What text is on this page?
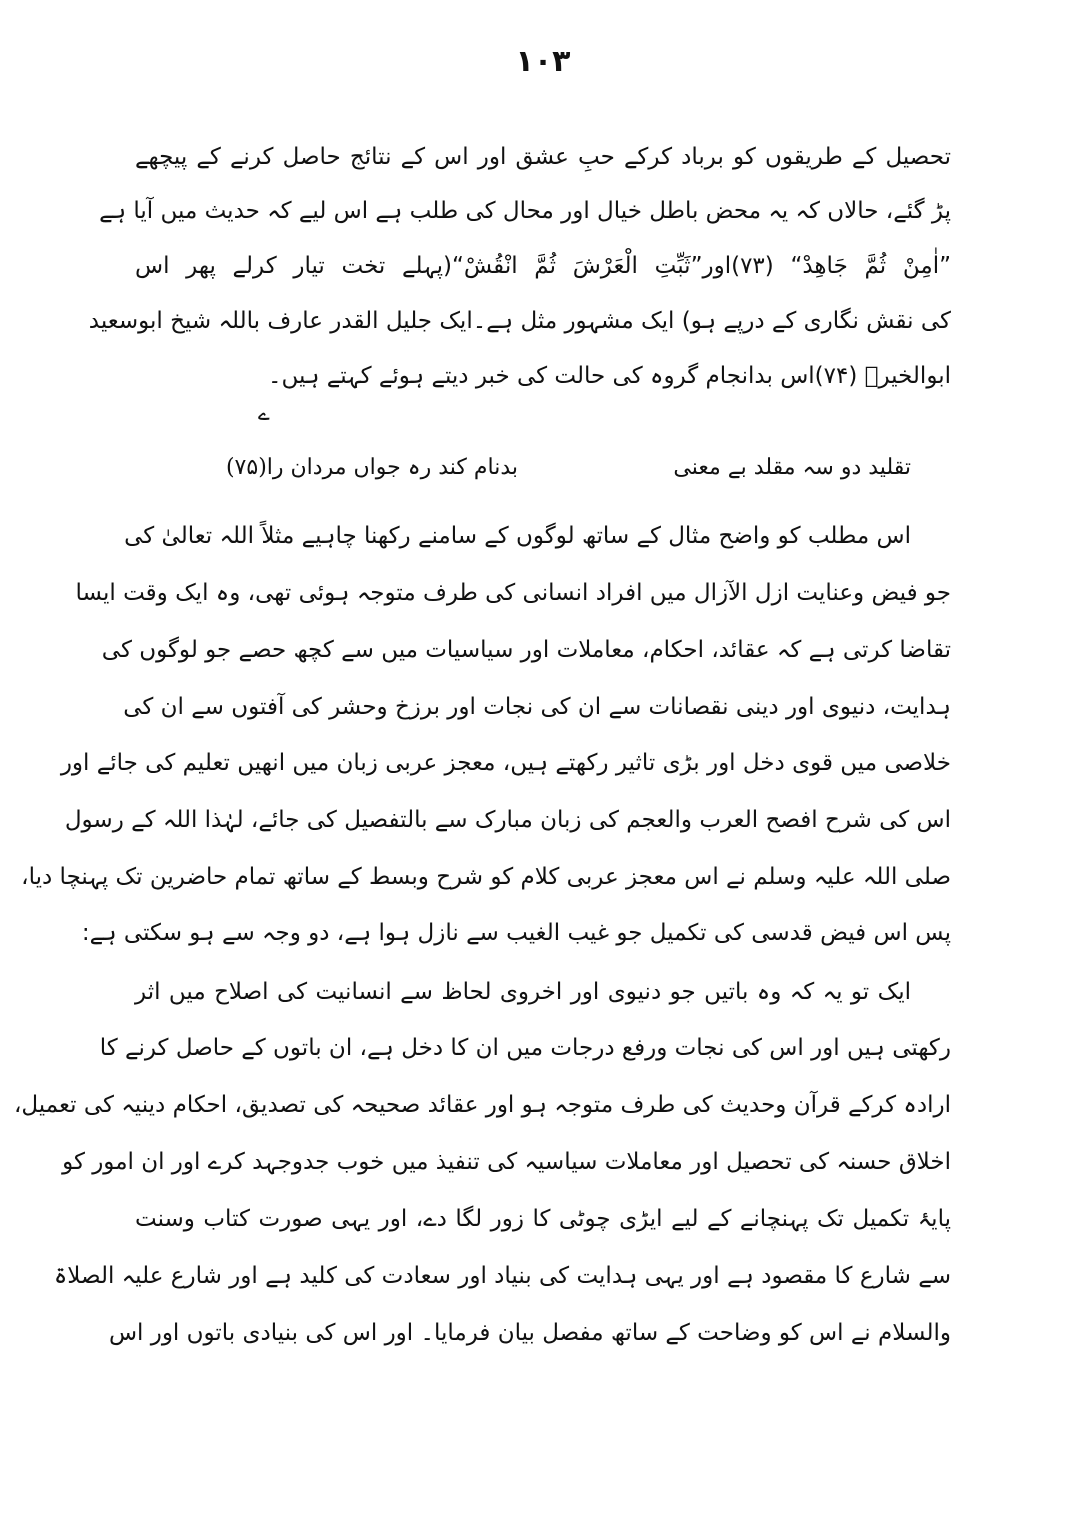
۱۰۳
تحصیل کے طریقوں کو برباد کرکے حبِ عشق اور اس کے نتائج حاصل کرنے کے پیچھے
پڑ گئے، حالاں کہ یہ محض باطل خیال اور محال کی طلب ہے اس لیے کہ حدیث میں آیا ہے
”اٰمِنْ ثُمَّ جَاھِدْ“ (۷۳)اور”ثَبِّتِ الْعَرْشَ ثُمَّ انْقُشْ“(پہلے تخت تیار کرلے پھر اس
کی نقش نگاری کے درپے ہو) ایک مشہور مثل ہے۔ایک جلیل القدر عارف باللہ شیخ ابوسعید
ابوالخیرؒ (۷۴)اس بدانجام گروہ کی حالت کی خبر دیتے ہوئے کہتے ہیں۔
ے
تقلید دو سہ مقلد بے معنی
بدنام کند رہ جواں مردان را(۷۵)
اس مطلب کو واضح مثال کے ساتھ لوگوں کے سامنے رکھنا چاہیے مثلاً اللہ تعالیٰ کی
جو فیض وعنایت ازل الآزال میں افراد انسانی کی طرف متوجہ ہوئی تھی، وہ ایک وقت ایسا
تقاضا کرتی ہے کہ عقائد، احکام، معاملات اور سیاسیات میں سے کچھ حصے جو لوگوں کی
ہدایت، دنیوی اور دینی نقصانات سے ان کی نجات اور برزخ وحشر کی آفتوں سے ان کی
خلاصی میں قوی دخل اور بڑی تاثیر رکھتے ہیں، معجز عربی زبان میں انھیں تعلیم کی جائے اور
اس کی شرح افصح العرب والعجم کی زبان مبارک سے بالتفصیل کی جائے، لہٰذا اللہ کے رسول
صلی اللہ علیہ وسلم نے اس معجز عربی کلام کو شرح وبسط کے ساتھ تمام حاضرین تک پہنچا دیا،
پس اس فیض قدسی کی تکمیل جو غیب الغیب سے نازل ہوا ہے، دو وجہ سے ہو سکتی ہے:
ایک تو یہ کہ وہ باتیں جو دنیوی اور اخروی لحاظ سے انسانیت کی اصلاح میں اثر
رکھتی ہیں اور اس کی نجات ورفع درجات میں ان کا دخل ہے، ان باتوں کے حاصل کرنے کا
ارادہ کرکے قرآن وحدیث کی طرف متوجہ ہو اور عقائد صحیحہ کی تصدیق، احکام دینیہ کی تعمیل،
اخلاق حسنہ کی تحصیل اور معاملات سیاسیہ کی تنفیذ میں خوب جدوجہد کرے اور ان امور کو
پایۂ تکمیل تک پہنچانے کے لیے ایڑی چوٹی کا زور لگا دے، اور یہی صورت کتاب وسنت
سے شارع کا مقصود ہے اور یہی ہدایت کی بنیاد اور سعادت کی کلید ہے اور شارع علیہ الصلاۃ
والسلام نے اس کو وضاحت کے ساتھ مفصل بیان فرمایا۔ اور اس کی بنیادی باتوں اور اس
